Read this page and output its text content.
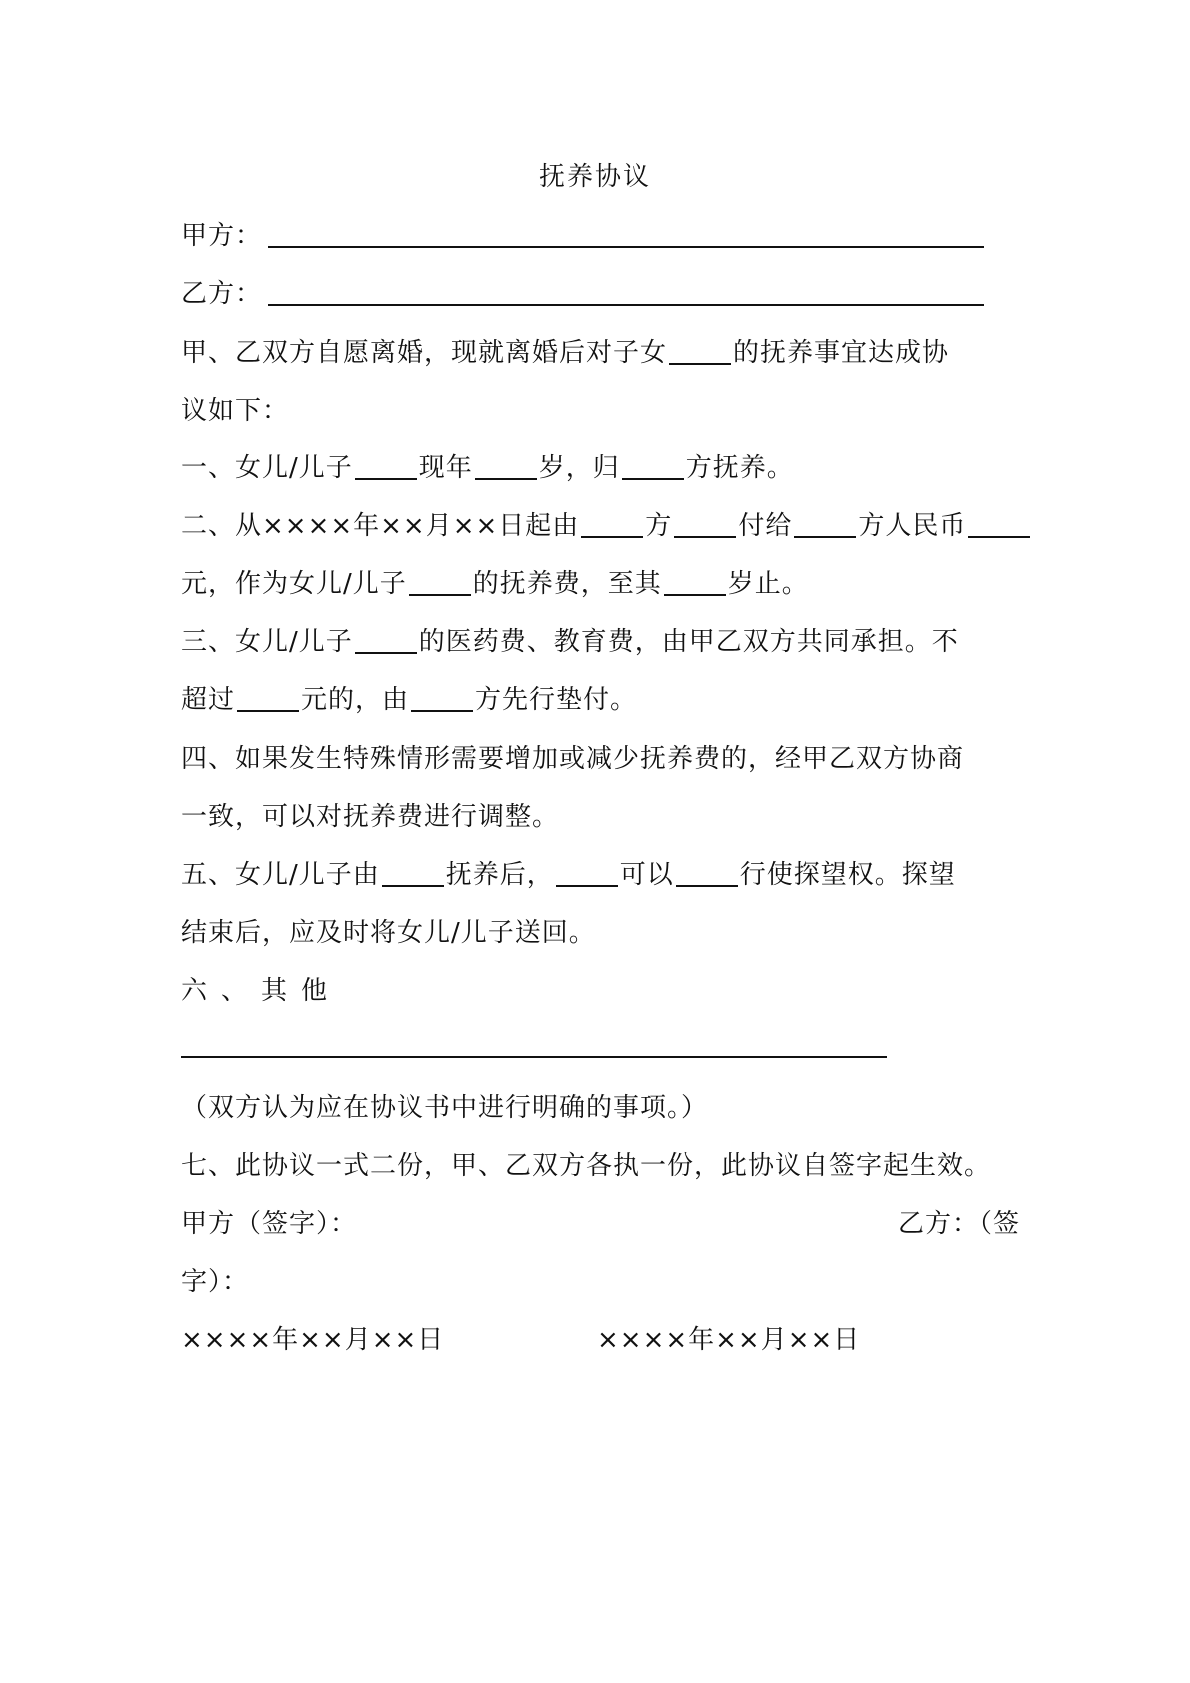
抚养协议
甲方：
乙方：
甲、乙双方自愿离婚，现就离婚后对子女	的抚养事宜达成协
议如下：
一、女儿/儿子	现年	岁，归	方抚养。
二、从××××年××月××日起由	方	付给	方人民币
元，作为女儿/儿子	的抚养费，至其	岁止。
三、女儿/儿子	的医药费、教育费，由甲乙双方共同承担。不
超过	元的，由	方先行垫付。
四、如果发生特殊情形需要增加或减少抚养费的，经甲乙双方协商
一致，可以对抚养费进行调整。
五、女儿/儿子由	抚养后，	可以	行使探望权。探望
结束后，应及时将女儿/儿子送回。
六、其他
（双方认为应在协议书中进行明确的事项。）
七、此协议一式二份，甲、乙双方各执一份，此协议自签字起生效。
甲方（签字）：	乙方：（签
字）：
××××年××月××日	××××年××月××日
